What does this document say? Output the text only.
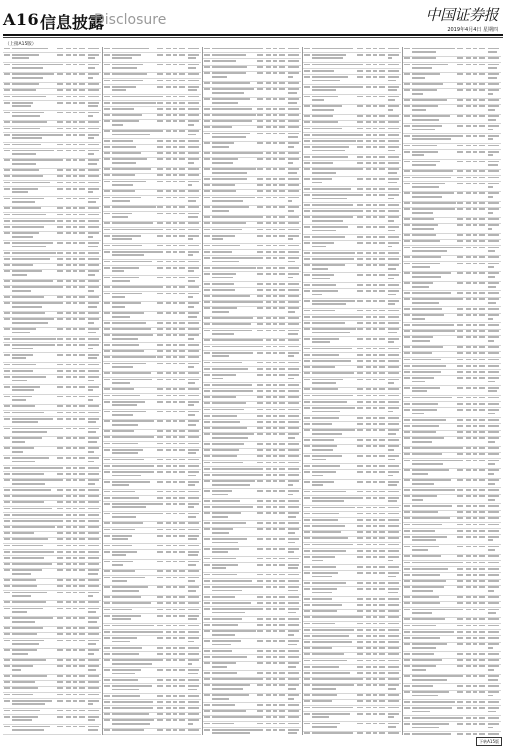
A16 信息披露
Disclosure	中国证券报
2019年4月4日 星期四
（上接A15版）
下转A15版
